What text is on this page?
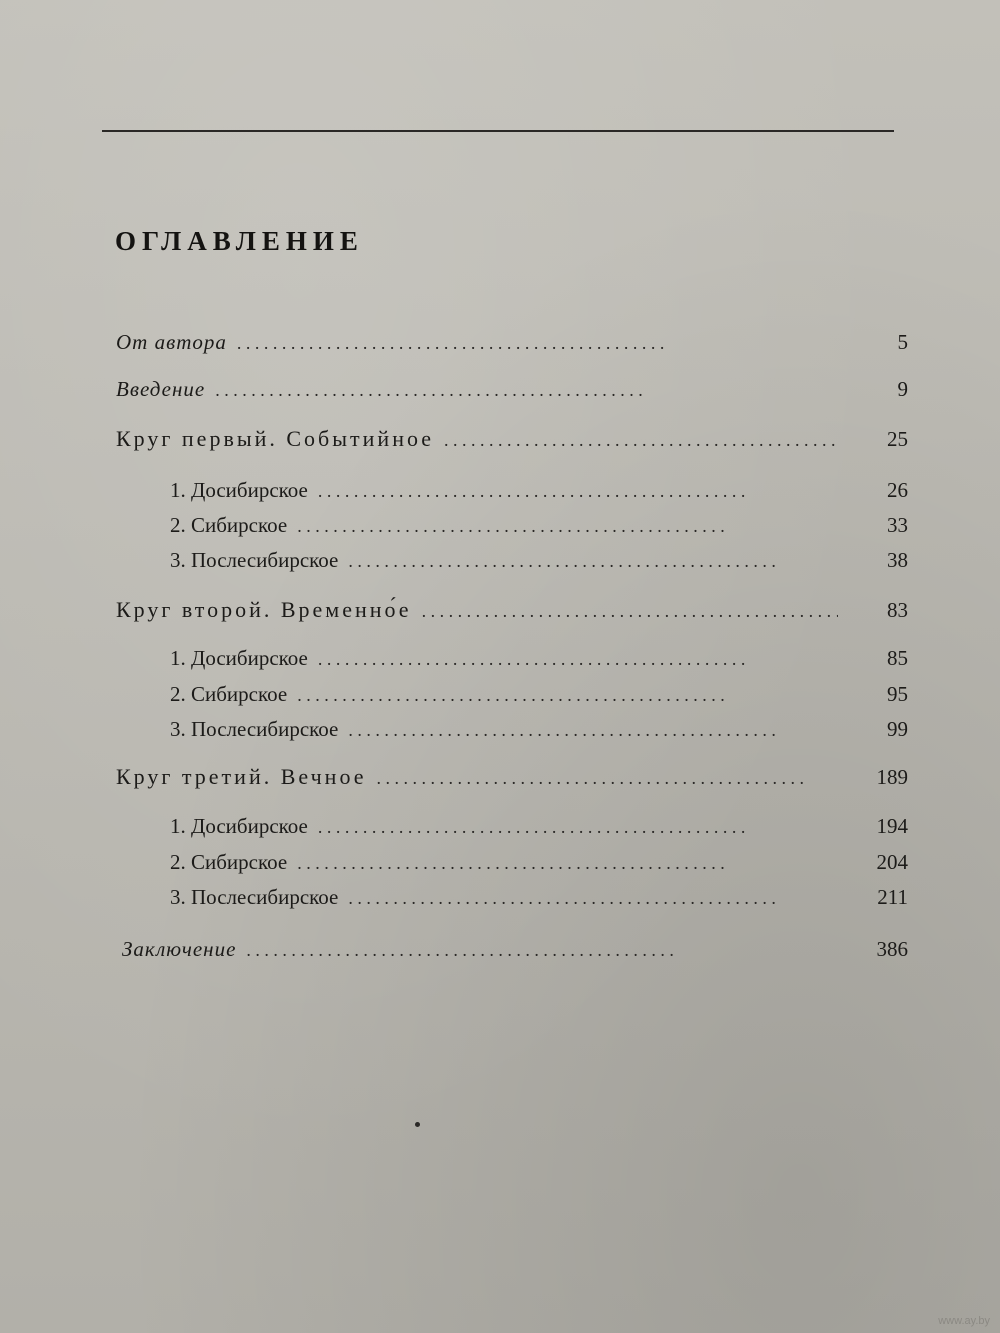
ОГЛАВЛЕНИЕ
От автора . .	5
Введение . .	9
Круг первый. Событийное . .	25
1. Досибирское . .	26
2. Сибирское . .	33
3. Послесибирское . .	38
Круг второй. Временно́е . .	83
1. Досибирское . .	85
2. Сибирское . .	95
3. Послесибирское . .	99
Круг третий. Вечное . .	189
1. Досибирское . .	194
2. Сибирское . .	204
3. Послесибирское . .	211
Заключение . .	386
www.ay.by
